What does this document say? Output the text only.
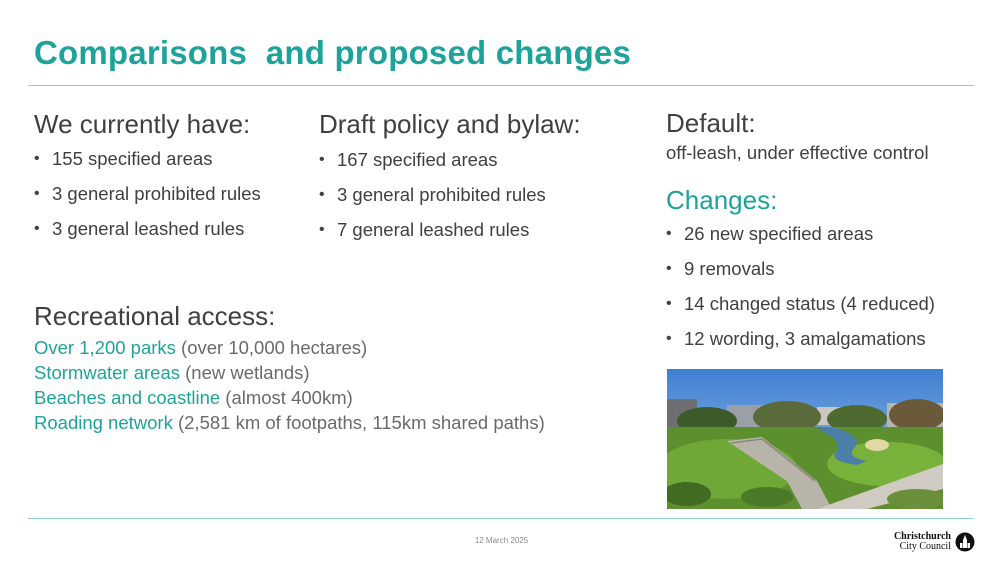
Comparisons  and proposed changes
We currently have:
• 155 specified areas
• 3 general prohibited rules
• 3 general leashed rules
Draft policy and bylaw:
• 167 specified areas
• 3 general prohibited rules
• 7 general leashed rules
Default:
off-leash, under effective control
Changes:
• 26 new specified areas
• 9 removals
• 14 changed status (4 reduced)
• 12 wording, 3 amalgamations
Recreational access:
Over 1,200 parks (over 10,000 hectares)
Stormwater areas (new wetlands)
Beaches and coastline (almost 400km)
Roading network (2,581 km of footpaths, 115km shared paths)
12 March 2025	Christchurch
City Council
